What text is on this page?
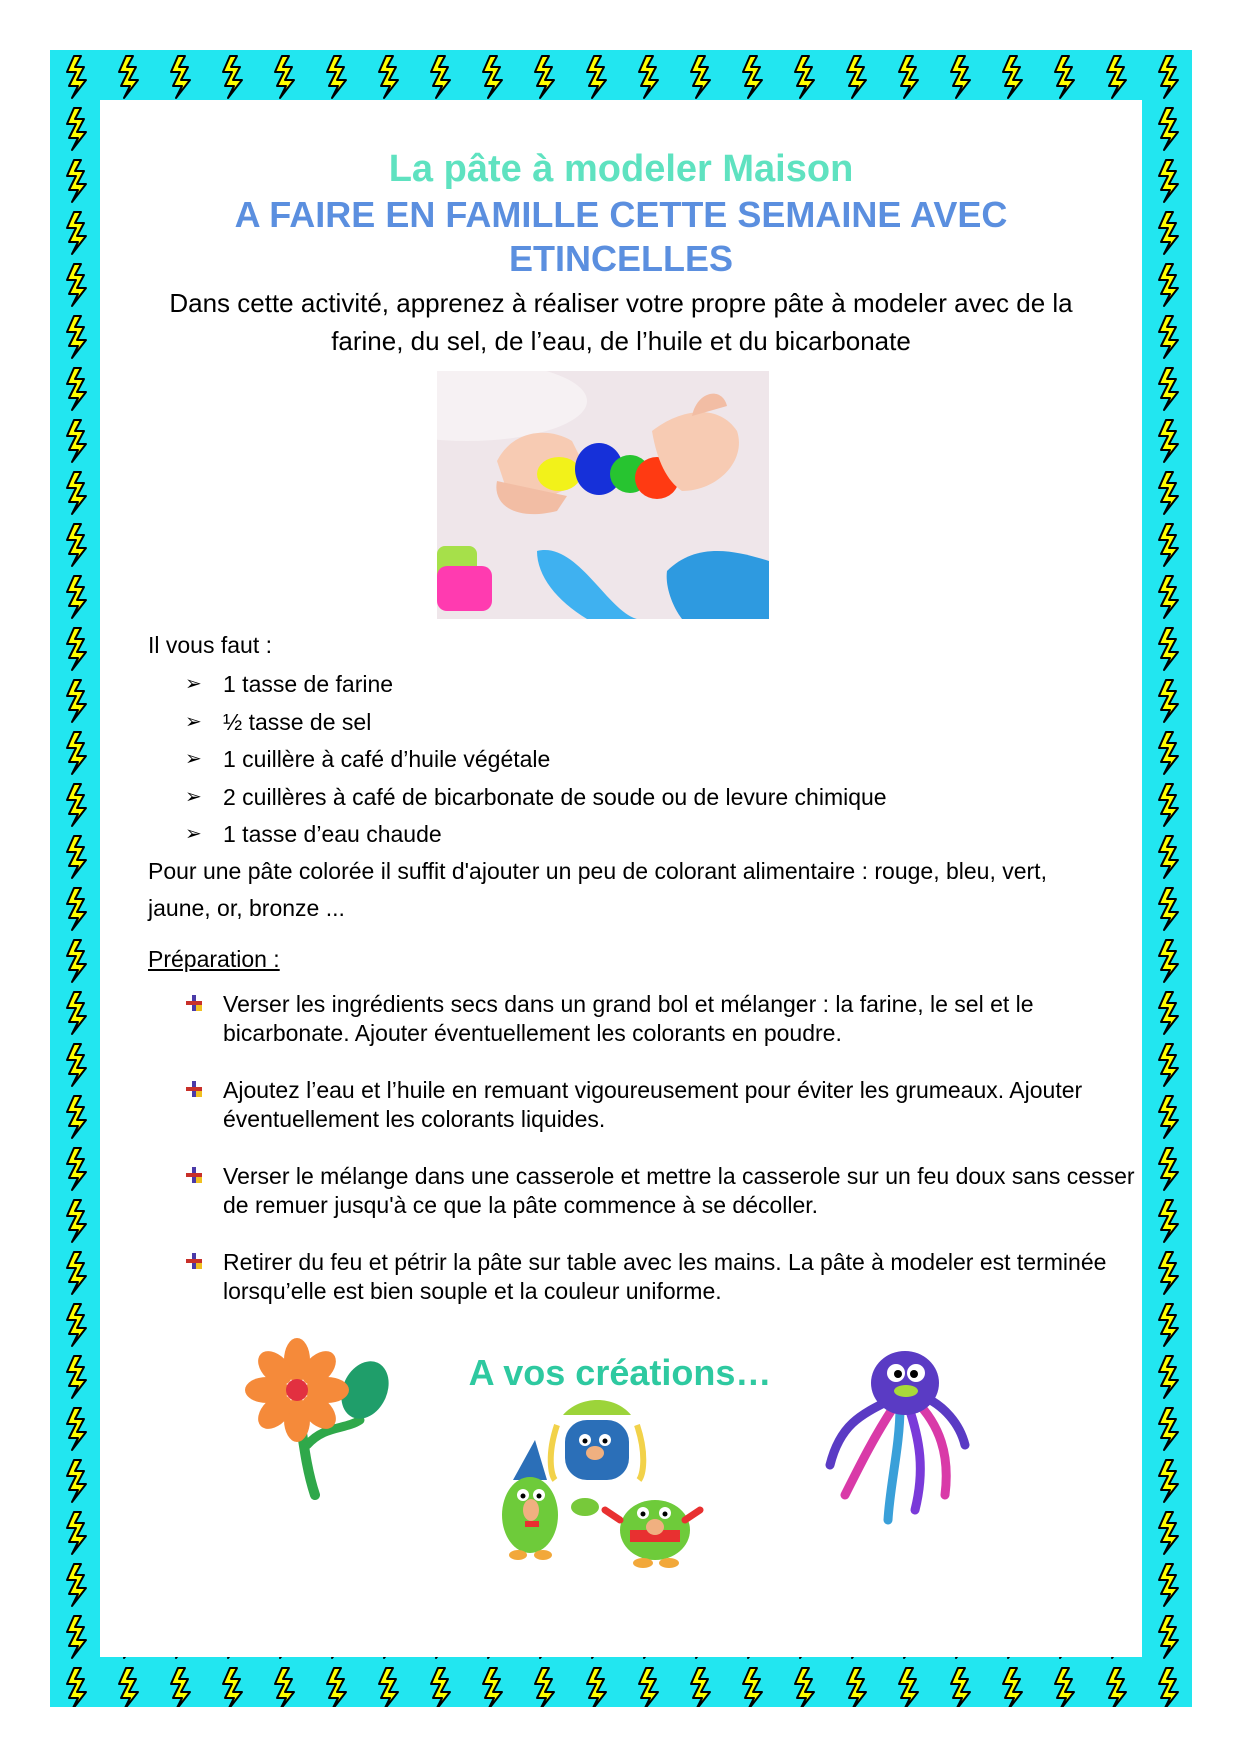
La pâte à modeler Maison
A FAIRE EN FAMILLE CETTE SEMAINE AVEC ETINCELLES

Dans cette activité, apprenez à réaliser votre propre pâte à modeler avec de la farine, du sel, de l’eau, de l’huile et du bicarbonate

Il vous faut :
➢ 1 tasse de farine
➢ ½ tasse de sel
➢ 1 cuillère à café d’huile végétale
➢ 2 cuillères à café de bicarbonate de soude ou de levure chimique
➢ 1 tasse d’eau chaude

Pour une pâte colorée il suffit d'ajouter un peu de colorant alimentaire : rouge, bleu, vert, jaune, or, bronze ...

Préparation :
Verser les ingrédients secs dans un grand bol et mélanger : la farine, le sel et le bicarbonate. Ajouter éventuellement les colorants en poudre.
Ajoutez l’eau et l’huile en remuant vigoureusement pour éviter les grumeaux. Ajouter éventuellement les colorants liquides.
Verser le mélange dans une casserole et mettre la casserole sur un feu doux sans cesser de remuer jusqu'à ce que la pâte commence à se décoller.
Retirer du feu et pétrir la pâte sur table avec les mains. La pâte à modeler est terminée lorsqu’elle est bien souple et la couleur uniforme.
A vos créations…
